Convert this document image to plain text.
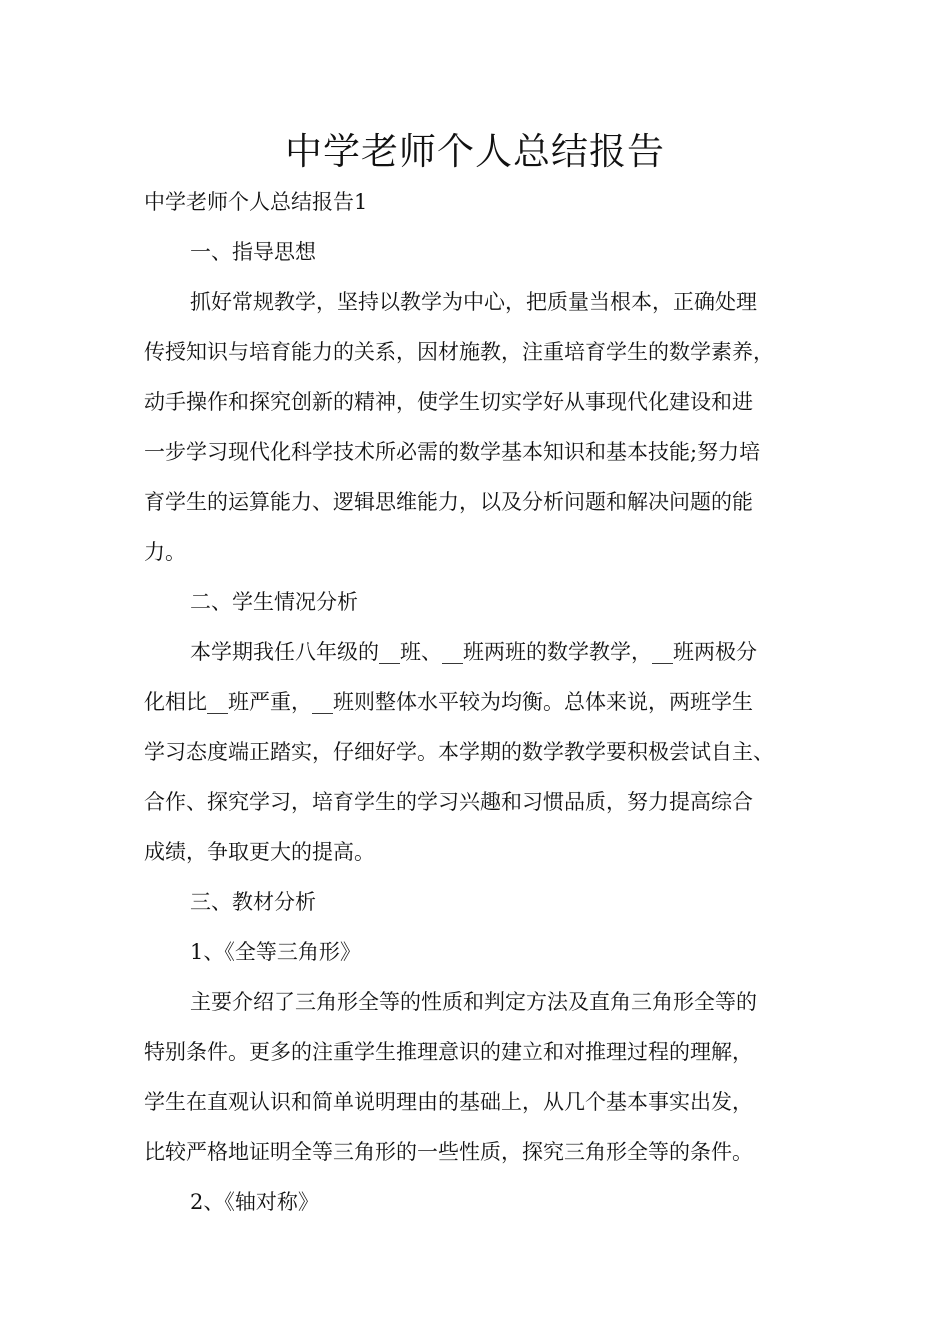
中学老师个人总结报告
中学老师个人总结报告1
一、指导思想
抓好常规教学，坚持以教学为中心，把质量当根本，正确处理
传授知识与培育能力的关系，因材施教，注重培育学生的数学素养，
动手操作和探究创新的精神，使学生切实学好从事现代化建设和进
一步学习现代化科学技术所必需的数学基本知识和基本技能;努力培
育学生的运算能力、逻辑思维能力，以及分析问题和解决问题的能
力。
二、学生情况分析
本学期我任八年级的__班、__班两班的数学教学，__班两极分
化相比__班严重，__班则整体水平较为均衡。总体来说，两班学生
学习态度端正踏实，仔细好学。本学期的数学教学要积极尝试自主、
合作、探究学习，培育学生的学习兴趣和习惯品质，努力提高综合
成绩，争取更大的提高。
三、教材分析
1、《全等三角形》
主要介绍了三角形全等的性质和判定方法及直角三角形全等的
特别条件。更多的注重学生推理意识的建立和对推理过程的理解，
学生在直观认识和简单说明理由的基础上，从几个基本事实出发，
比较严格地证明全等三角形的一些性质，探究三角形全等的条件。
2、《轴对称》
